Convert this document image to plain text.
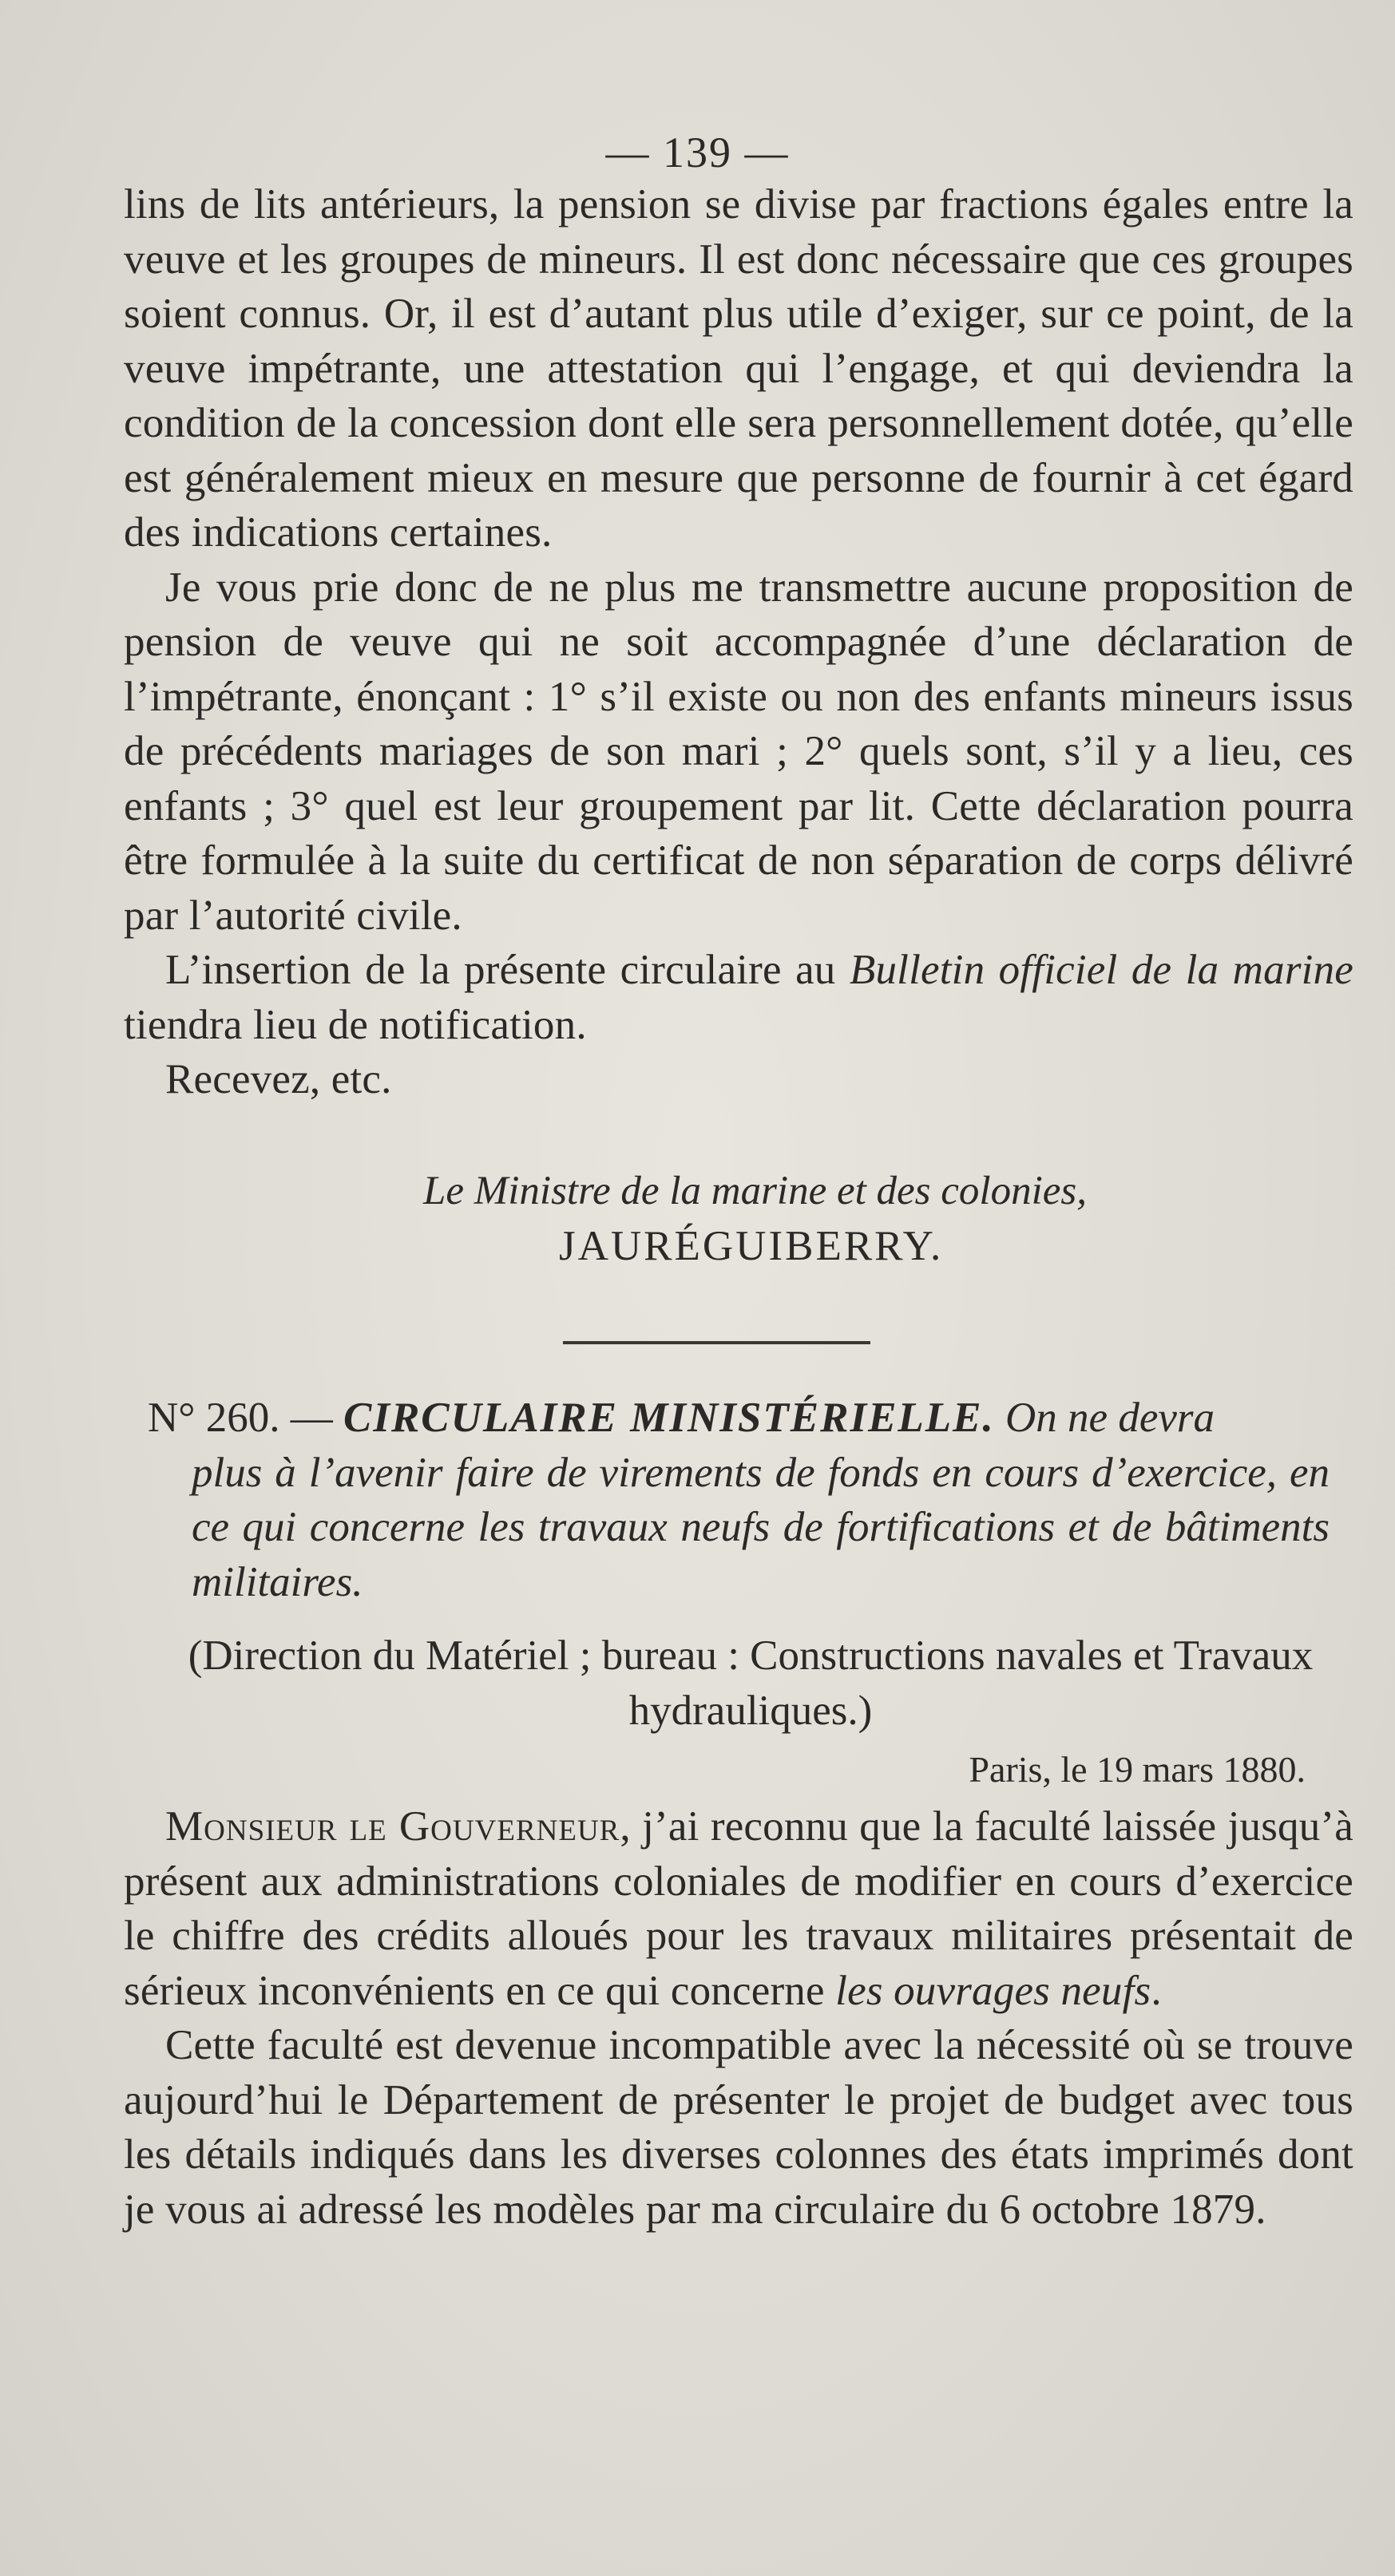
— 139 —

lins de lits antérieurs, la pension se divise par fractions égales entre la veuve et les groupes de mineurs. Il est donc nécessaire que ces groupes soient connus. Or, il est d’autant plus utile d’exiger, sur ce point, de la veuve impétrante, une attestation qui l’engage, et qui deviendra la condition de la concession dont elle sera personnellement dotée, qu’elle est généralement mieux en mesure que personne de fournir à cet égard des indications certaines.

Je vous prie donc de ne plus me transmettre aucune proposition de pension de veuve qui ne soit accompagnée d’une déclaration de l’impétrante, énonçant : 1° s’il existe ou non des enfants mineurs issus de précédents mariages de son mari ; 2° quels sont, s’il y a lieu, ces enfants ; 3° quel est leur groupement par lit. Cette déclaration pourra être formulée à la suite du certificat de non séparation de corps délivré par l’autorité civile.

L’insertion de la présente circulaire au Bulletin officiel de la marine tiendra lieu de notification.

Recevez, etc.

Le Ministre de la marine et des colonies,
JAURÉGUIBERRY.
N° 260. — CIRCULAIRE MINISTÉRIELLE. On ne devra
plus à l’avenir faire de virements de fonds en cours d’exercice, en ce qui concerne les travaux neufs de fortifications et de bâtiments militaires.
(Direction du Matériel ; bureau : Constructions navales et Travaux hydrauliques.)
Paris, le 19 mars 1880.

Monsieur le Gouverneur, j’ai reconnu que la faculté laissée jusqu’à présent aux administrations coloniales de modifier en cours d’exercice le chiffre des crédits alloués pour les travaux militaires présentait de sérieux inconvénients en ce qui concerne les ouvrages neufs.

Cette faculté est devenue incompatible avec la nécessité où se trouve aujourd’hui le Département de présenter le projet de budget avec tous les détails indiqués dans les diverses colonnes des états imprimés dont je vous ai adressé les modèles par ma circulaire du 6 octobre 1879.
